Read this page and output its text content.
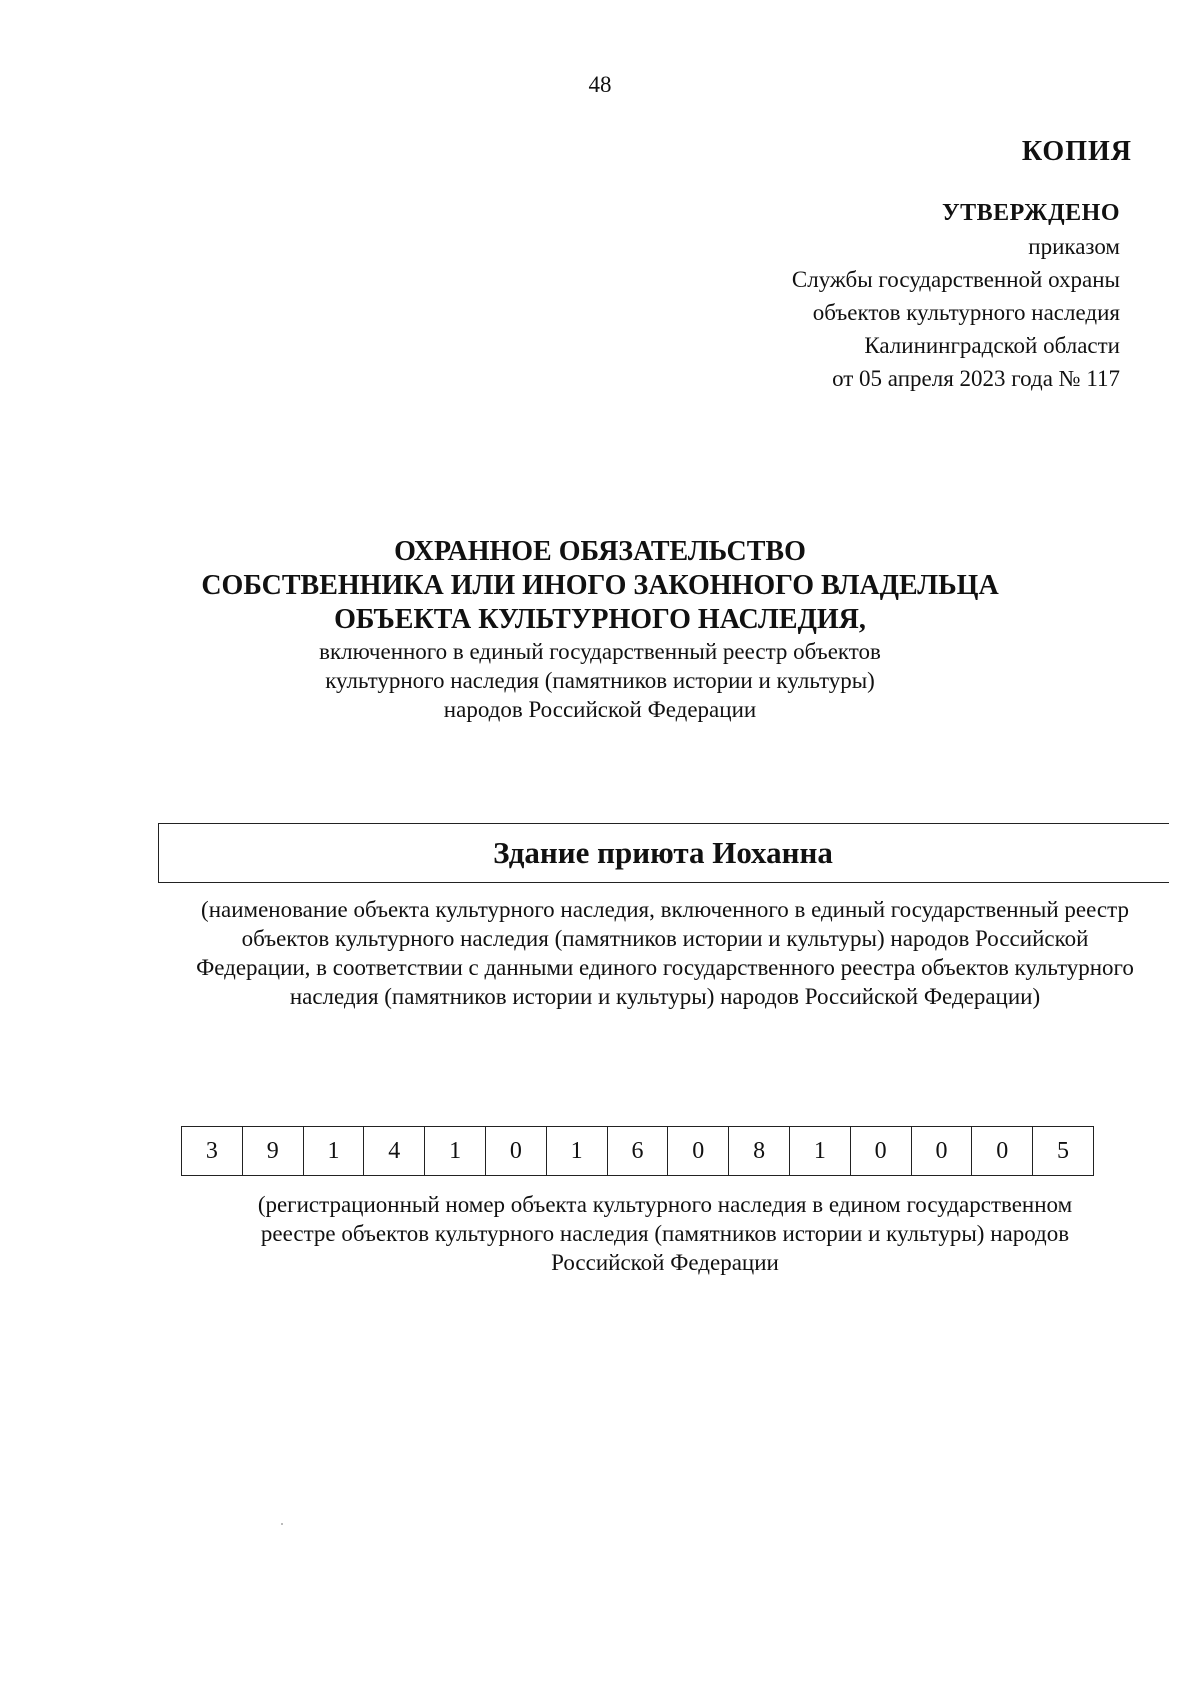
48
КОПИЯ
УТВЕРЖДЕНО
приказом
Службы государственной охраны
объектов культурного наследия
Калининградской области
от 05 апреля 2023 года № 117
ОХРАННОЕ ОБЯЗАТЕЛЬСТВО
СОБСТВЕННИКА ИЛИ ИНОГО ЗАКОННОГО ВЛАДЕЛЬЦА
ОБЪЕКТА КУЛЬТУРНОГО НАСЛЕДИЯ,
включенного в единый государственный реестр объектов
культурного наследия (памятников истории и культуры)
народов Российской Федерации
Здание приюта Иоханна
(наименование объекта культурного наследия, включенного в единый государственный реестр
объектов культурного наследия (памятников истории и культуры) народов Российской
Федерации, в соответствии с данными единого государственного реестра объектов культурного
наследия (памятников истории и культуры) народов Российской Федерации)
3	9	1	4	1	0	1	6	0	8	1	0	0	0	5
(регистрационный номер объекта культурного наследия в едином государственном
реестре объектов культурного наследия (памятников истории и культуры) народов
Российской Федерации
